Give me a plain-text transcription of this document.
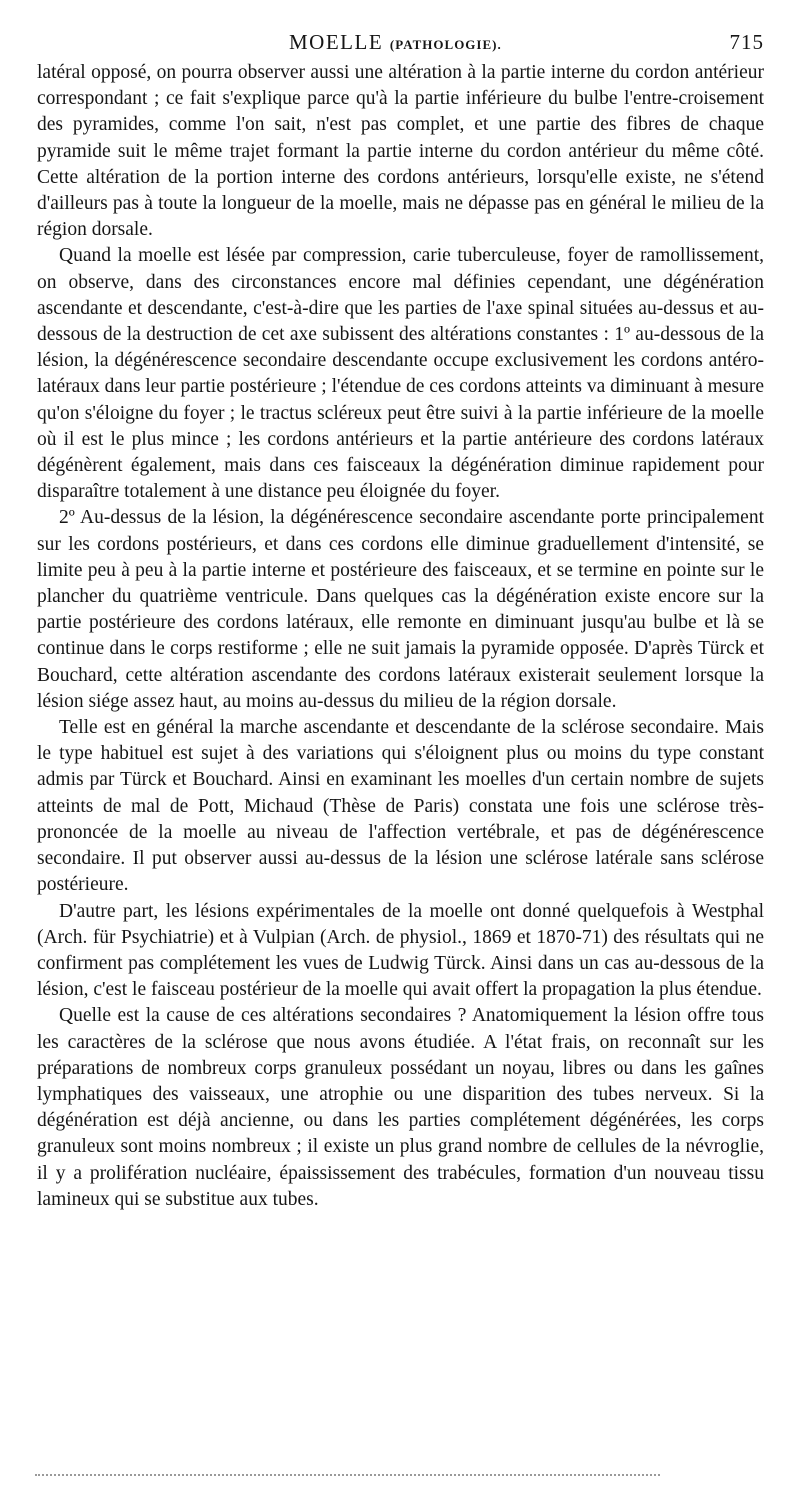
MOELLE (PATHOLOGIE).	715

latéral opposé, on pourra observer aussi une altération à la partie interne du cordon antérieur correspondant ; ce fait s'explique parce qu'à la partie inférieure du bulbe l'entre-croisement des pyramides, comme l'on sait, n'est pas complet, et une partie des fibres de chaque pyramide suit le même trajet formant la partie interne du cordon antérieur du même côté. Cette altération de la portion interne des cordons antérieurs, lorsqu'elle existe, ne s'étend d'ailleurs pas à toute la longueur de la moelle, mais ne dépasse pas en général le milieu de la région dorsale.

Quand la moelle est lésée par compression, carie tuberculeuse, foyer de ramollissement, on observe, dans des circonstances encore mal définies cependant, une dégénération ascendante et descendante, c'est-à-dire que les parties de l'axe spinal situées au-dessus et au-dessous de la destruction de cet axe subissent des altérations constantes : 1º au-dessous de la lésion, la dégénérescence secondaire descendante occupe exclusivement les cordons antéro-latéraux dans leur partie postérieure ; l'étendue de ces cordons atteints va diminuant à mesure qu'on s'éloigne du foyer ; le tractus scléreux peut être suivi à la partie inférieure de la moelle où il est le plus mince ; les cordons antérieurs et la partie antérieure des cordons latéraux dégénèrent également, mais dans ces faisceaux la dégénération diminue rapidement pour disparaître totalement à une distance peu éloignée du foyer.

2º Au-dessus de la lésion, la dégénérescence secondaire ascendante porte principalement sur les cordons postérieurs, et dans ces cordons elle diminue graduellement d'intensité, se limite peu à peu à la partie interne et postérieure des faisceaux, et se termine en pointe sur le plancher du quatrième ventricule. Dans quelques cas la dégénération existe encore sur la partie postérieure des cordons latéraux, elle remonte en diminuant jusqu'au bulbe et là se continue dans le corps restiforme ; elle ne suit jamais la pyramide opposée. D'après Türck et Bouchard, cette altération ascendante des cordons latéraux existerait seulement lorsque la lésion siége assez haut, au moins au-dessus du milieu de la région dorsale.

Telle est en général la marche ascendante et descendante de la sclérose secondaire. Mais le type habituel est sujet à des variations qui s'éloignent plus ou moins du type constant admis par Türck et Bouchard. Ainsi en examinant les moelles d'un certain nombre de sujets atteints de mal de Pott, Michaud (Thèse de Paris) constata une fois une sclérose très-prononcée de la moelle au niveau de l'affection vertébrale, et pas de dégénérescence secondaire. Il put observer aussi au-dessus de la lésion une sclérose latérale sans sclérose postérieure.

D'autre part, les lésions expérimentales de la moelle ont donné quelquefois à Westphal (Arch. für Psychiatrie) et à Vulpian (Arch. de physiol., 1869 et 1870-71) des résultats qui ne confirment pas complétement les vues de Ludwig Türck. Ainsi dans un cas au-dessous de la lésion, c'est le faisceau postérieur de la moelle qui avait offert la propagation la plus étendue.

Quelle est la cause de ces altérations secondaires ? Anatomiquement la lésion offre tous les caractères de la sclérose que nous avons étudiée. A l'état frais, on reconnaît sur les préparations de nombreux corps granuleux possédant un noyau, libres ou dans les gaînes lymphatiques des vaisseaux, une atrophie ou une disparition des tubes nerveux. Si la dégénération est déjà ancienne, ou dans les parties complétement dégénérées, les corps granuleux sont moins nombreux ; il existe un plus grand nombre de cellules de la névroglie, il y a prolifération nucléaire, épaississement des trabécules, formation d'un nouveau tissu lamineux qui se substitue aux tubes.
